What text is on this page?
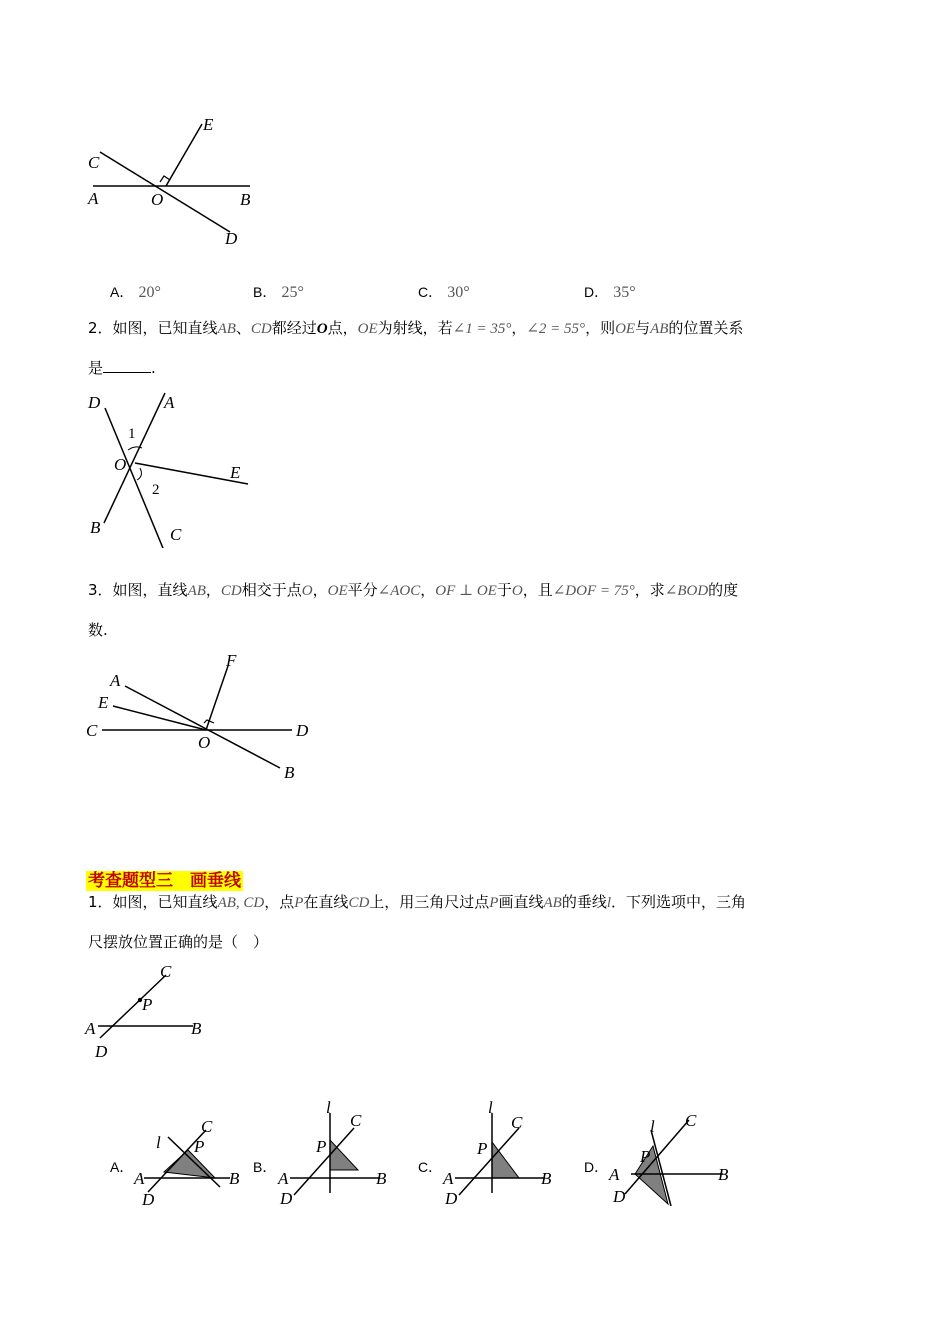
C
E
A	O	B
D
A． 20°	B． 25°	C． 30°	D． 35°
2．如图，已知直线AB、CD都经过O点，OE为射线，若∠1 = 35°，∠2 = 55°，则OE与AB的位置关系
是	.
D	A
1
O	E
2
B	C
3．如图，直线AB，CD相交于点O，OE平分∠AOC，OF ⊥ OE于O，且∠DOF = 75°，求∠BOD的度
数.
F
A
E
C
O
D
B
考查题型三　画垂线
1．如图，已知直线AB, CD，点P在直线CD上，用三角尺过点P画直线AB的垂线l．下列选项中，三角
尺摆放位置正确的是（　）
C
P
A	B
D
A．
l P
C
A	B
D
B．
l
P
C
A	B
D
C．
l
P
C
A	B
D
D．
l
P
C
A	B
D
